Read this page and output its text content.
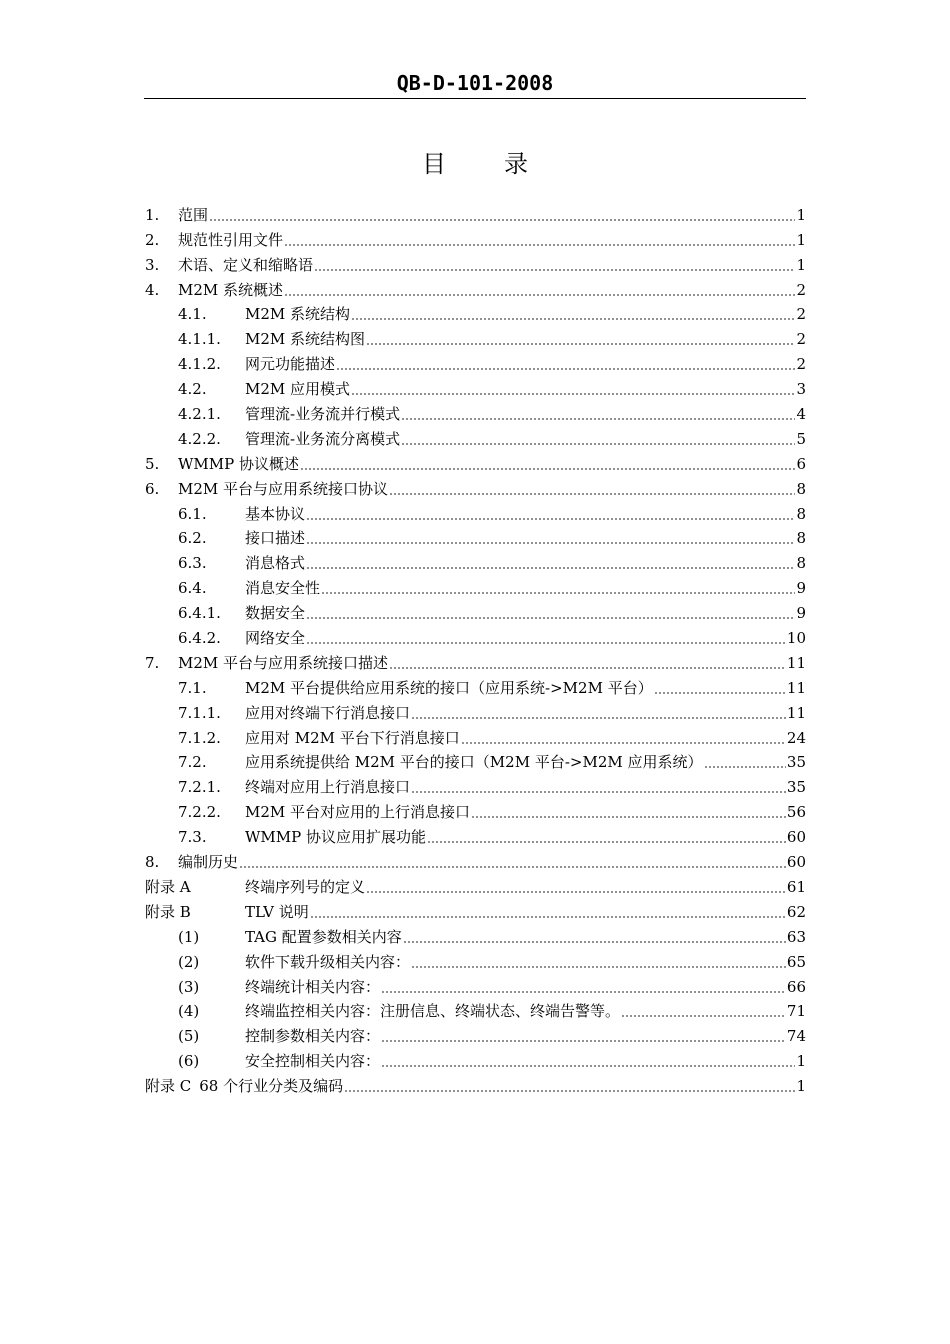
QB-D-101-2008
目 录
1.	范围	1
2.	规范性引用文件	1
3.	术语、定义和缩略语	1
4.	M2M 系统概述	2
4.1.	M2M 系统结构	2
4.1.1.	M2M 系统结构图	2
4.1.2.	网元功能描述	2
4.2.	M2M 应用模式	3
4.2.1.	管理流-业务流并行模式	4
4.2.2.	管理流-业务流分离模式	5
5.	WMMP 协议概述	6
6.	M2M 平台与应用系统接口协议	8
6.1.	基本协议	8
6.2.	接口描述	8
6.3.	消息格式	8
6.4.	消息安全性	9
6.4.1.	数据安全	9
6.4.2.	网络安全	10
7.	M2M 平台与应用系统接口描述	11
7.1.	M2M 平台提供给应用系统的接口（应用系统->M2M 平台）	11
7.1.1.	应用对终端下行消息接口	11
7.1.2.	应用对 M2M 平台下行消息接口	24
7.2.	应用系统提供给 M2M 平台的接口（M2M 平台->M2M 应用系统）	35
7.2.1.	终端对应用上行消息接口	35
7.2.2.	M2M 平台对应用的上行消息接口	56
7.3.	WMMP 协议应用扩展功能	60
8.	编制历史	60
附录 A	终端序列号的定义	61
附录 B	TLV 说明	62
(1)	TAG 配置参数相关内容	63
(2)	软件下载升级相关内容：	65
(3)	终端统计相关内容：	66
(4)	终端监控相关内容：注册信息、终端状态、终端告警等。	71
(5)	控制参数相关内容：	74
(6)	安全控制相关内容：	1
附录 C 68 个行业分类及编码	1
